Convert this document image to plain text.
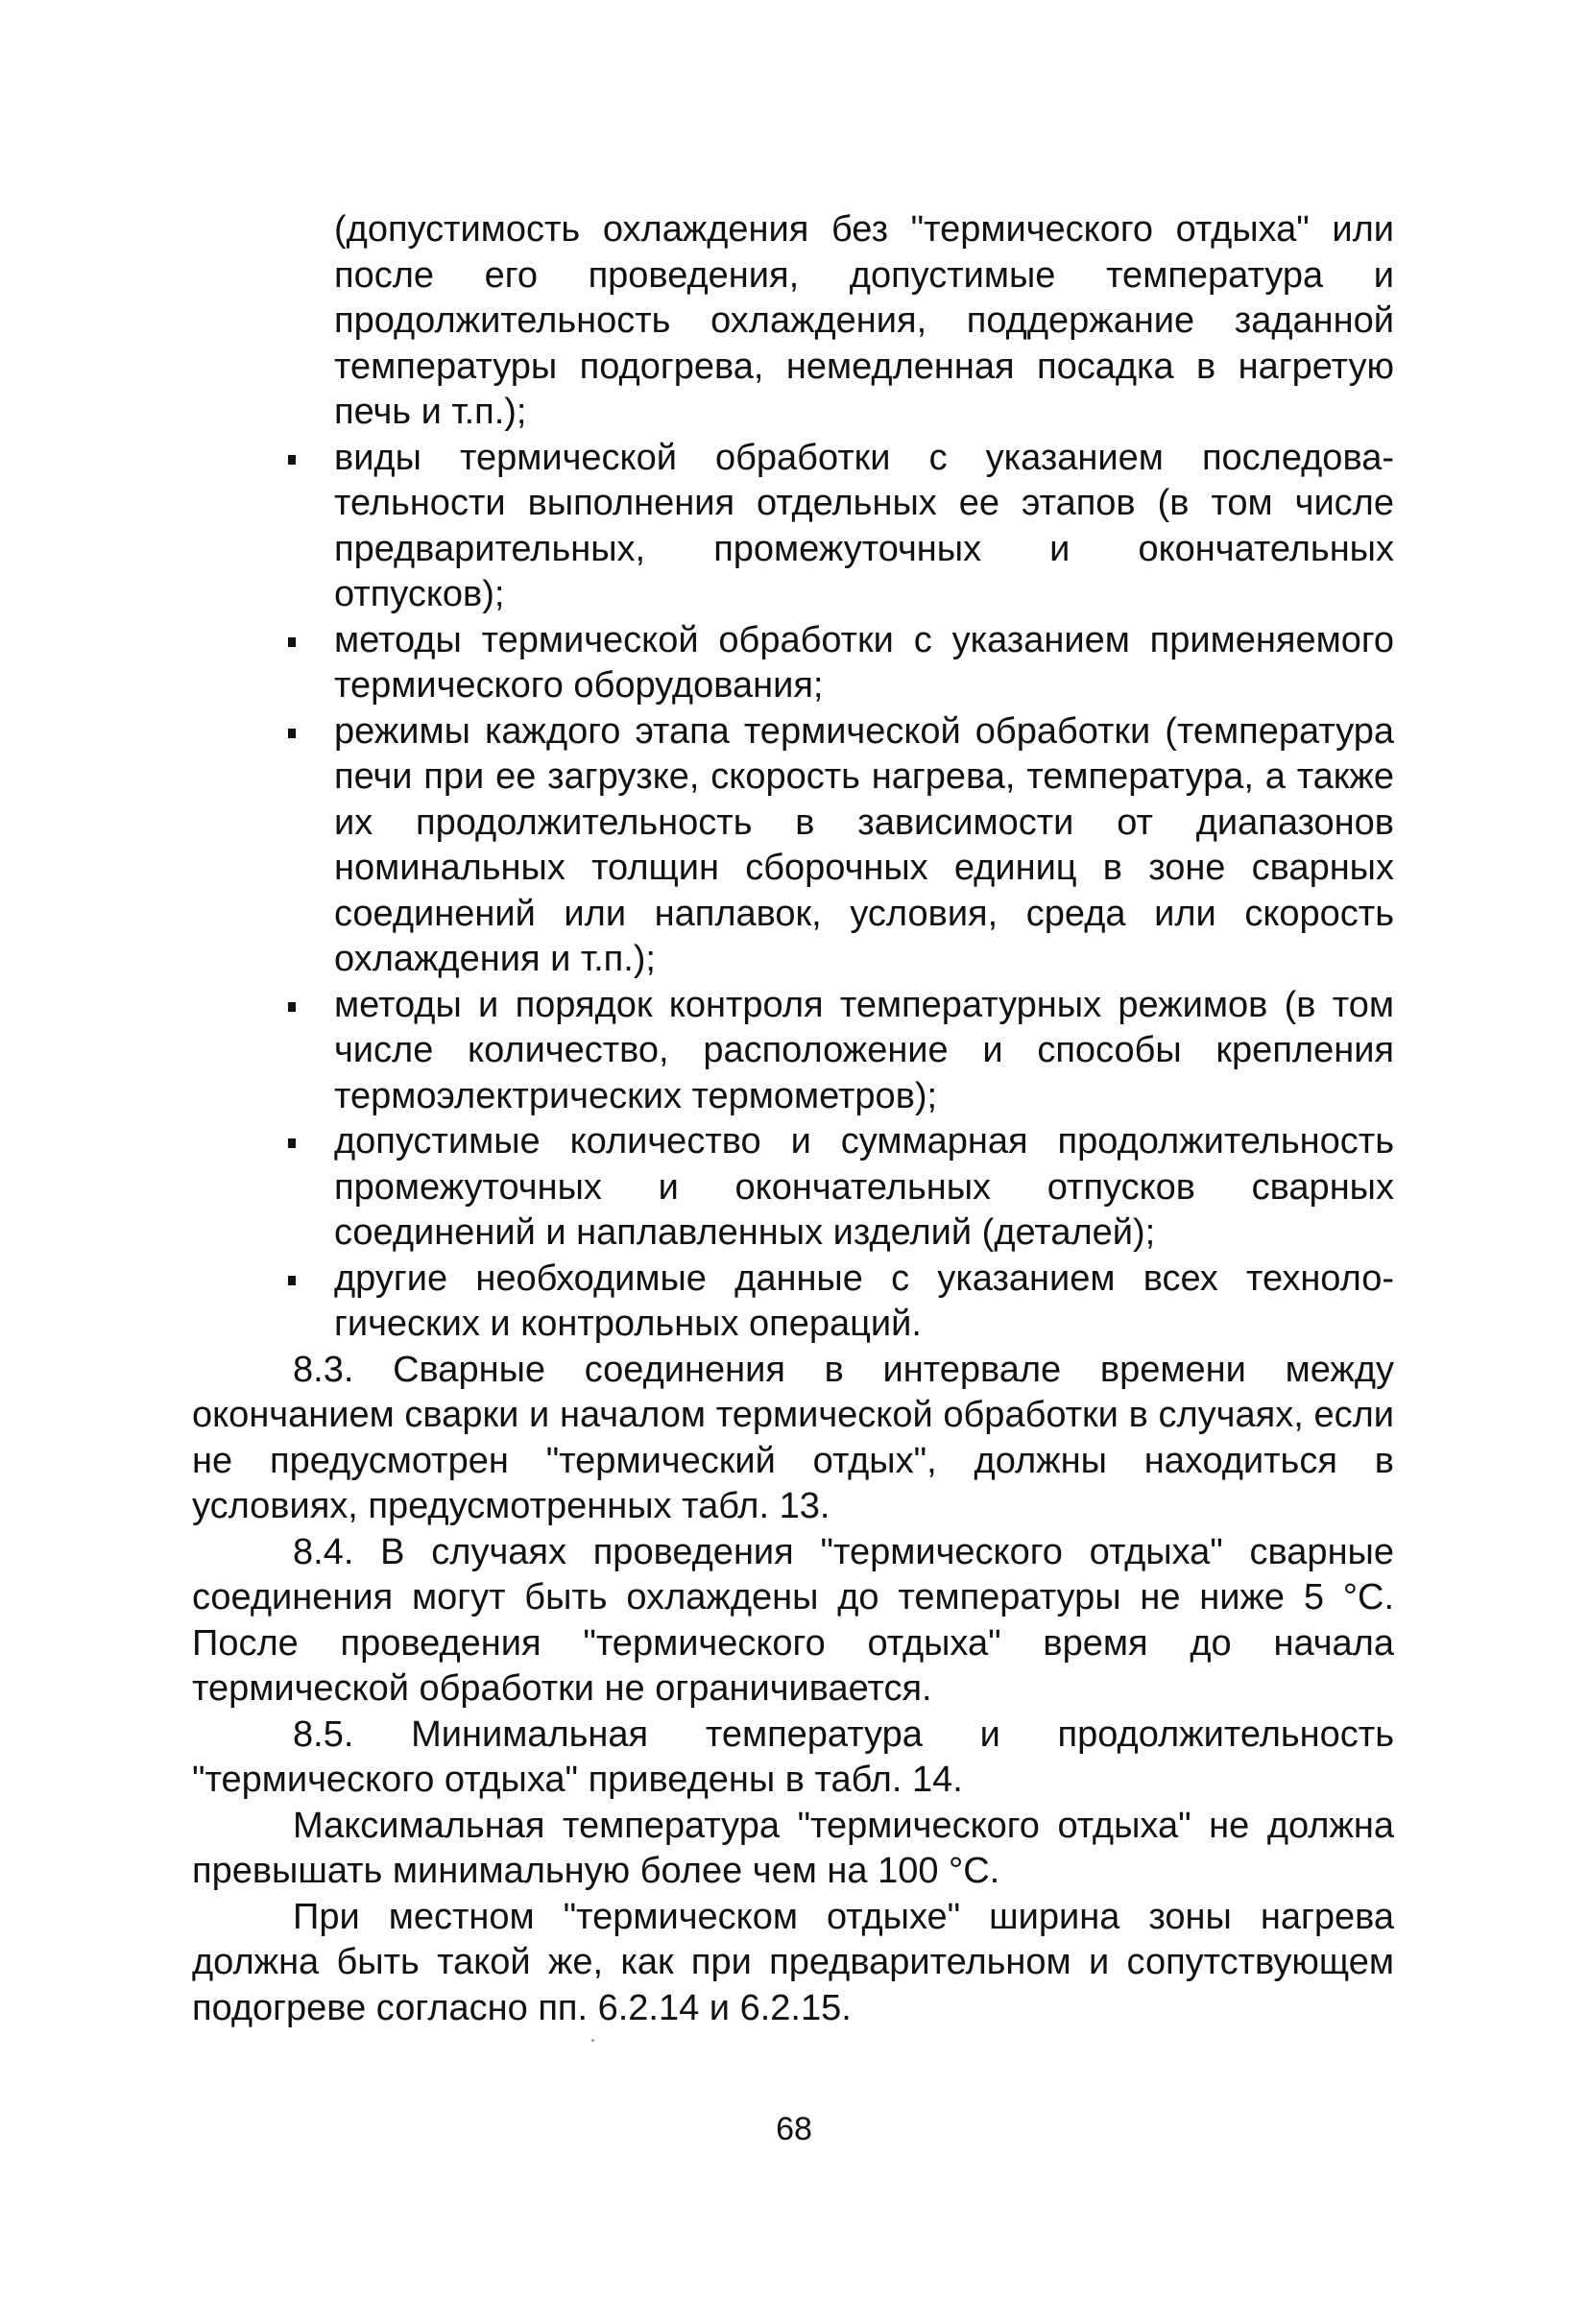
(допустимость охлаждения без "термического отдыха" или после его проведения, допустимые температура и продолжительность охлаждения, поддержание заданной температуры подогрева, немедленная посадка в нагретую печь и т.п.);

виды термической обработки с указанием последовательности выполнения отдельных ее этапов (в том числе предварительных, промежуточных и окончательных отпусков);
методы термической обработки с указанием применяемого термического оборудования;
режимы каждого этапа термической обработки (температура печи при ее загрузке, скорость нагрева, температура, а также их продолжительность в зависимости от диапазонов номинальных толщин сборочных единиц в зоне сварных соединений или наплавок, условия, среда или скорость охлаждения и т.п.);
методы и порядок контроля температурных режимов (в том числе количество, расположение и способы крепления термоэлектрических термометров);
допустимые количество и суммарная продолжительность промежуточных и окончательных отпусков сварных соединений и наплавленных изделий (деталей);
другие необходимые данные с указанием всех технологических и контрольных операций.

8.3. Сварные соединения в интервале времени между окончанием сварки и началом термической обработки в случаях, если не предусмотрен "термический отдых", должны находиться в условиях, предусмотренных табл. 13.

8.4. В случаях проведения "термического отдыха" сварные соединения могут быть охлаждены до температуры не ниже 5 °С. После проведения "термического отдыха" время до начала термической обработки не ограничивается.

8.5. Минимальная температура и продолжительность "термического отдыха" приведены в табл. 14.

Максимальная температура "термического отдыха" не должна превышать минимальную более чем на 100 °С.

При местном "термическом отдыхе" ширина зоны нагрева должна быть такой же, как при предварительном и сопутствующем подогреве согласно пп. 6.2.14 и 6.2.15.

68
